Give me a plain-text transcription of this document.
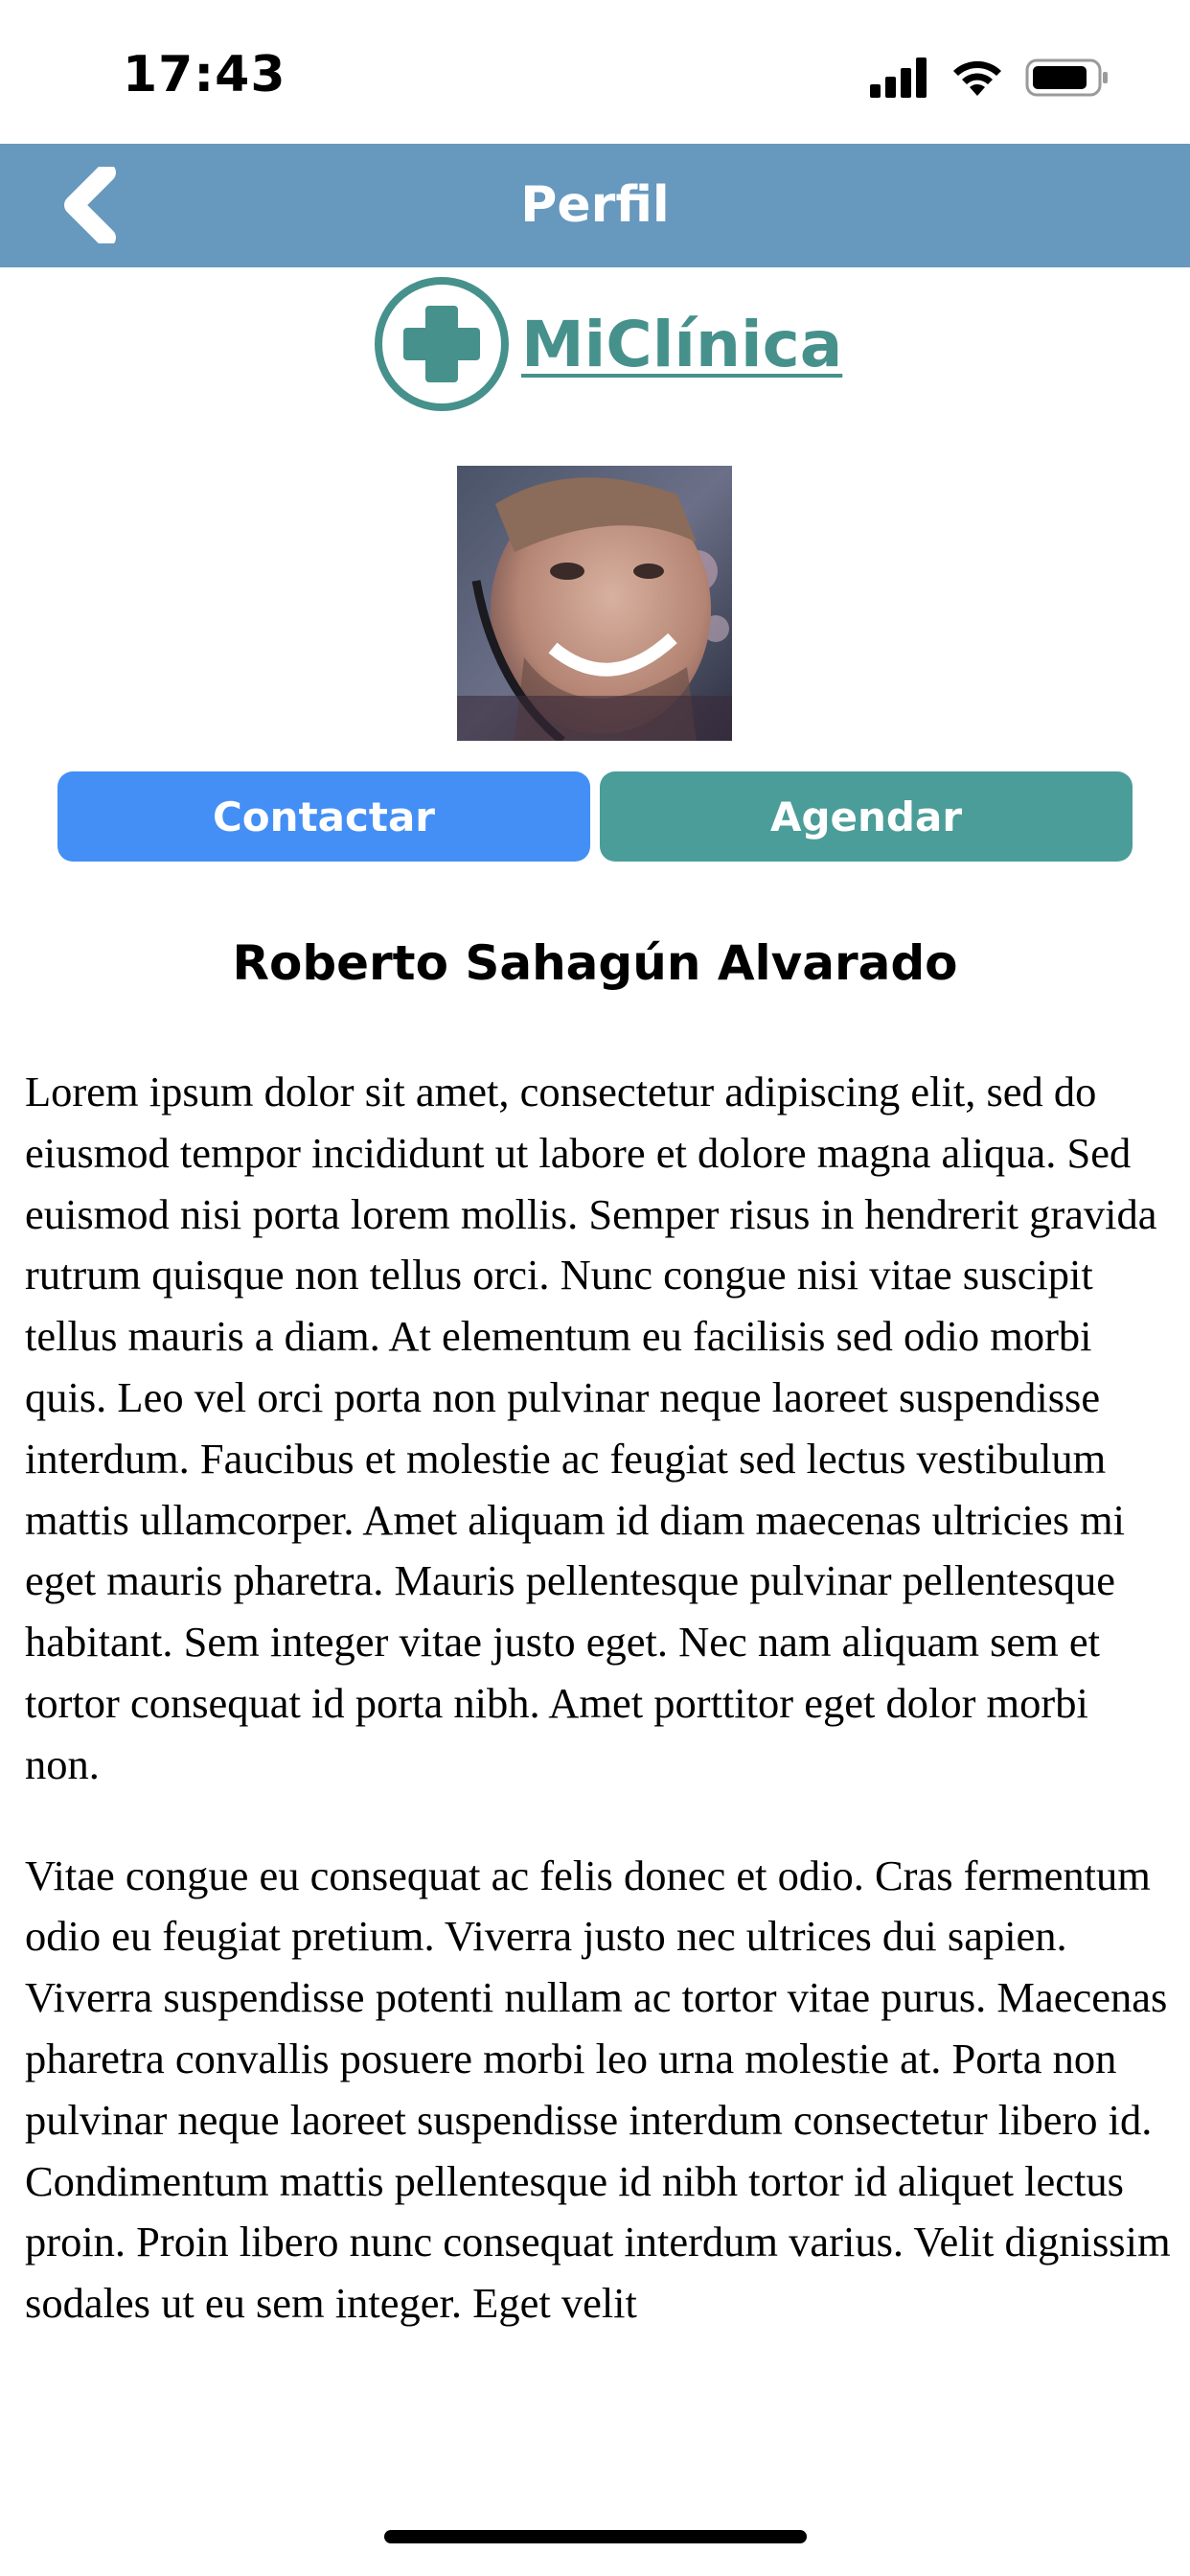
17:43
Perfil
MiClínica
Contactar	Agendar
Roberto Sahagún Alvarado

Lorem ipsum dolor sit amet, consectetur adipiscing elit, sed do eiusmod tempor incididunt ut labore et dolore magna aliqua. Sed euismod nisi porta lorem mollis. Semper risus in hendrerit gravida rutrum quisque non tellus orci. Nunc congue nisi vitae suscipit tellus mauris a diam. At elementum eu facilisis sed odio morbi quis. Leo vel orci porta non pulvinar neque laoreet suspendisse interdum. Faucibus et molestie ac feugiat sed lectus vestibulum mattis ullamcorper. Amet aliquam id diam maecenas ultricies mi eget mauris pharetra. Mauris pellentesque pulvinar pellentesque habitant. Sem integer vitae justo eget. Nec nam aliquam sem et tortor consequat id porta nibh. Amet porttitor eget dolor morbi non.

Vitae congue eu consequat ac felis donec et odio. Cras fermentum odio eu feugiat pretium. Viverra justo nec ultrices dui sapien. Viverra suspendisse potenti nullam ac tortor vitae purus. Maecenas pharetra convallis posuere morbi leo urna molestie at. Porta non pulvinar neque laoreet suspendisse interdum consectetur libero id. Condimentum mattis pellentesque id nibh tortor id aliquet lectus proin. Proin libero nunc consequat interdum varius. Velit dignissim sodales ut eu sem integer. Eget velit
